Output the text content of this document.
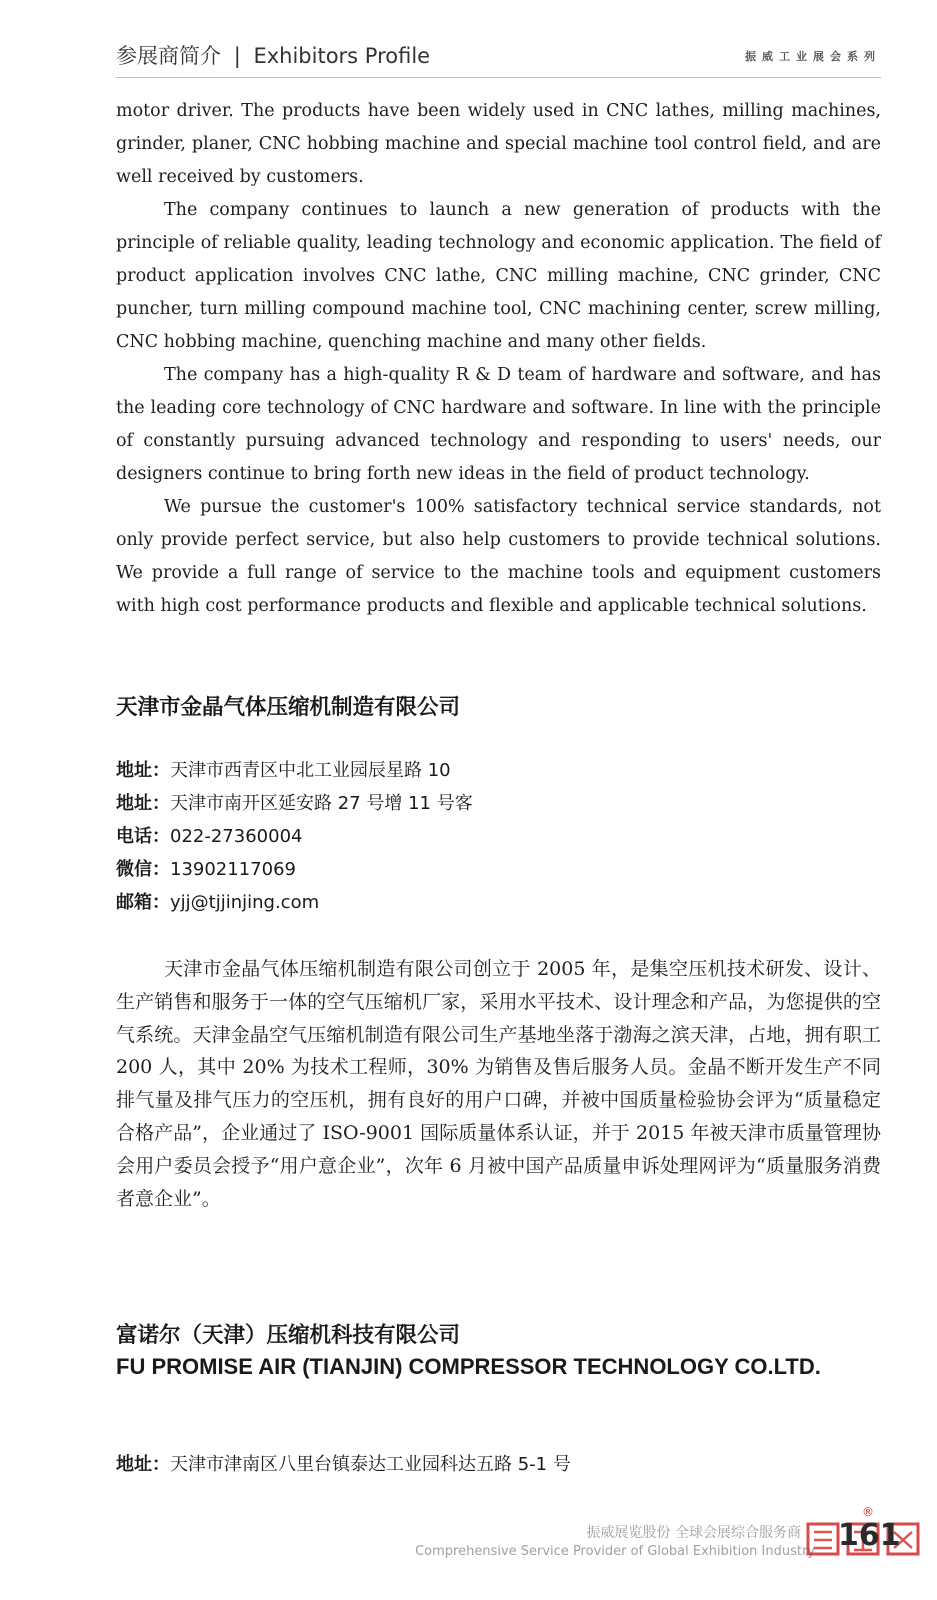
参展商简介 | Exhibitors Profile	振威工业展会系列

motor driver. The products have been widely used in CNC lathes, milling machines, grinder, planer, CNC hobbing machine and special machine tool control field, and are well received by customers.

The company continues to launch a new generation of products with the principle of reliable quality, leading technology and economic application. The field of product application involves CNC lathe, CNC milling machine, CNC grinder, CNC puncher, turn milling compound machine tool, CNC machining center, screw milling, CNC hobbing machine, quenching machine and many other fields.

The company has a high-quality R & D team of hardware and software, and has the leading core technology of CNC hardware and software. In line with the principle of constantly pursuing advanced technology and responding to users' needs, our designers continue to bring forth new ideas in the field of product technology.

We pursue the customer's 100% satisfactory technical service standards, not only provide perfect service, but also help customers to provide technical solutions. We provide a full range of service to the machine tools and equipment customers with high cost performance products and flexible and applicable technical solutions.

天津市金晶气体压缩机制造有限公司
地址：天津市西青区中北工业园辰星路 10
地址：天津市南开区延安路 27 号增 11 号客
电话：022-27360004
微信：13902117069
邮箱：yjj@tjjinjing.com

天津市金晶气体压缩机制造有限公司创立于 2005 年，是集空压机技术研发、设计、生产销售和服务于一体的空气压缩机厂家，采用水平技术、设计理念和产品，为您提供的空气系统。天津金晶空气压缩机制造有限公司生产基地坐落于渤海之滨天津，占地，拥有职工 200 人，其中 20% 为技术工程师，30% 为销售及售后服务人员。金晶不断开发生产不同排气量及排气压力的空压机，拥有良好的用户口碑，并被中国质量检验协会评为“质量稳定合格产品”，企业通过了 ISO-9001 国际质量体系认证，并于 2015 年被天津市质量管理协会用户委员会授予“用户意企业”，次年 6 月被中国产品质量申诉处理网评为“质量服务消费者意企业”。

富诺尔（天津）压缩机科技有限公司
FU PROMISE AIR (TIANJIN) COMPRESSOR TECHNOLOGY CO.LTD.
地址：天津市津南区八里台镇泰达工业园科达五路 5-1 号
振威展览股份 全球会展综合服务商
Comprehensive Service Provider of Global Exhibition Industry 161
®
